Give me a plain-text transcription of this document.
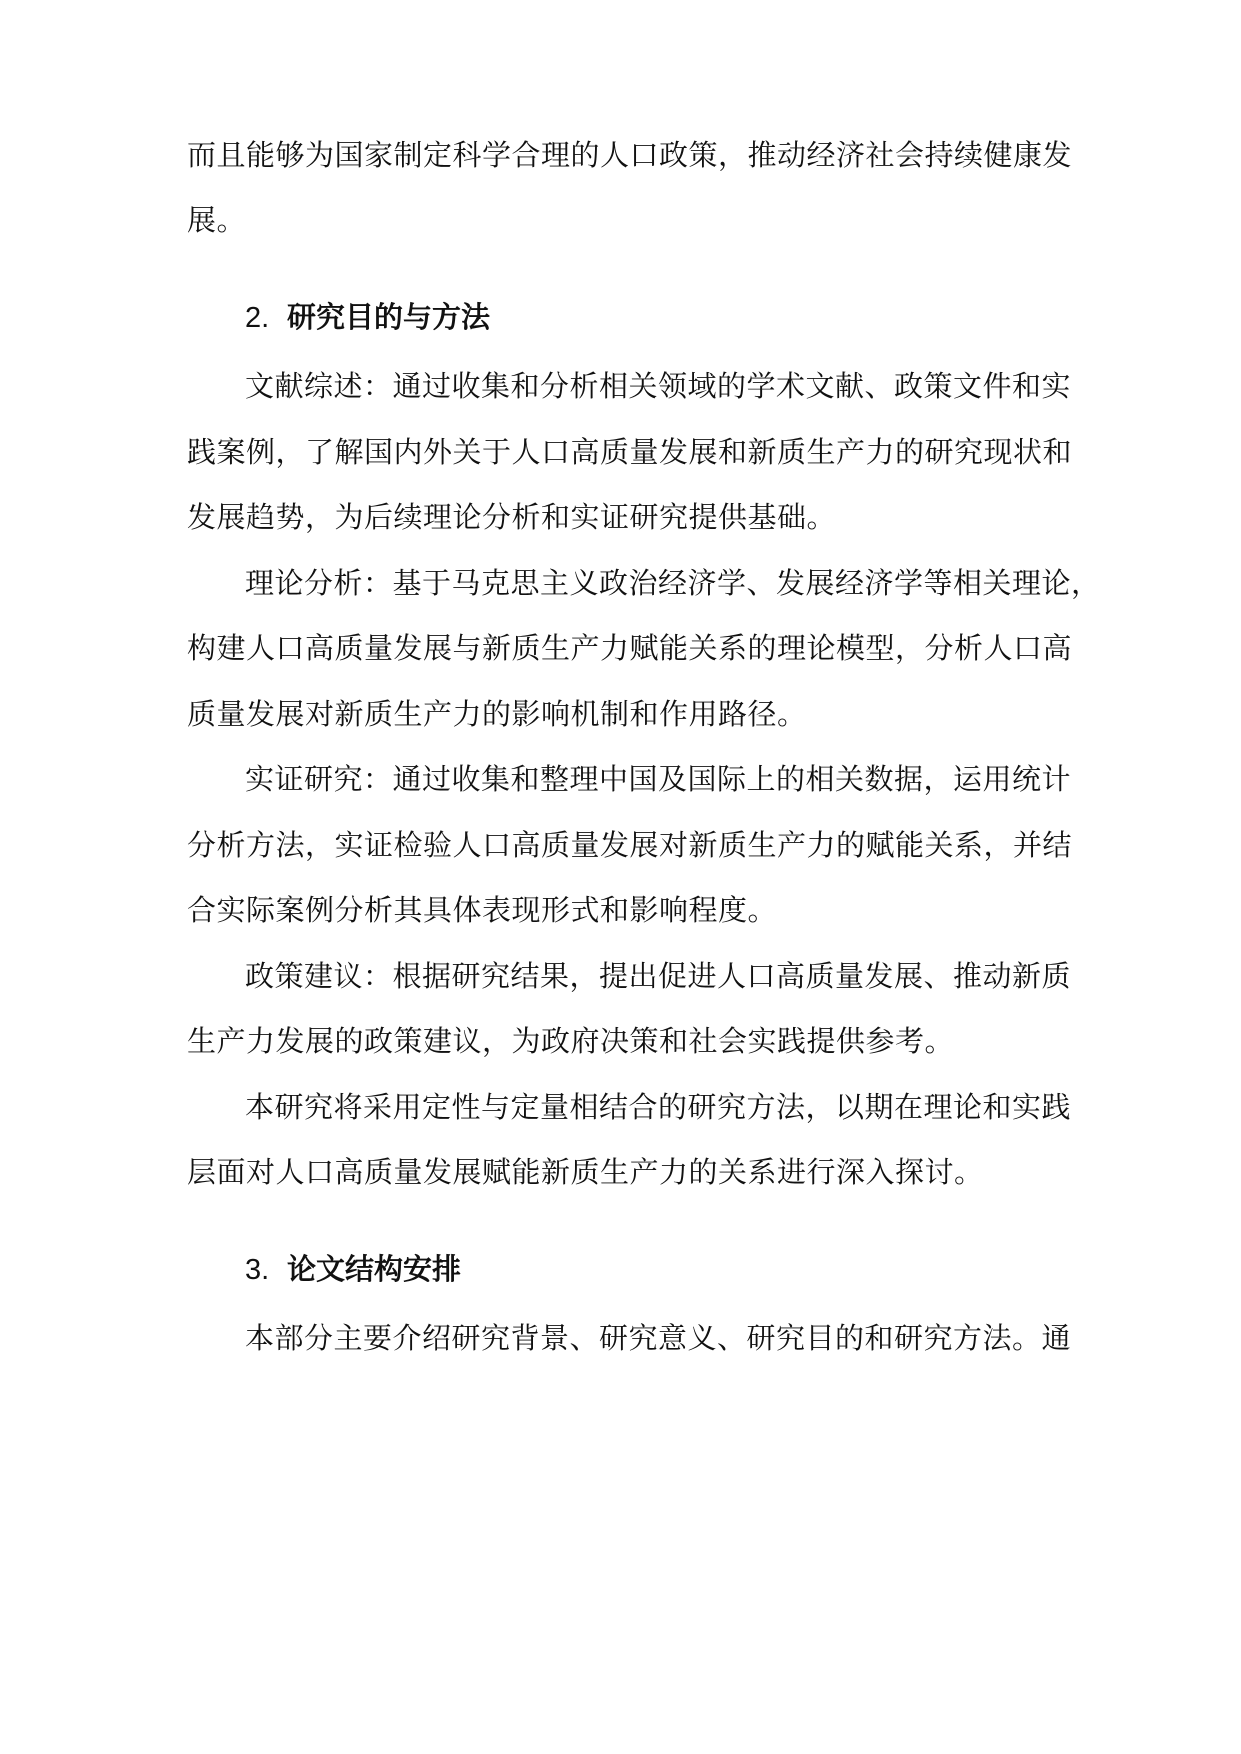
而且能够为国家制定科学合理的人口政策，推动经济社会持续健康发
展。
2. 研究目的与方法
文献综述：通过收集和分析相关领域的学术文献、政策文件和实
践案例，了解国内外关于人口高质量发展和新质生产力的研究现状和
发展趋势，为后续理论分析和实证研究提供基础。
理论分析：基于马克思主义政治经济学、发展经济学等相关理论，
构建人口高质量发展与新质生产力赋能关系的理论模型，分析人口高
质量发展对新质生产力的影响机制和作用路径。
实证研究：通过收集和整理中国及国际上的相关数据，运用统计
分析方法，实证检验人口高质量发展对新质生产力的赋能关系，并结
合实际案例分析其具体表现形式和影响程度。
政策建议：根据研究结果，提出促进人口高质量发展、推动新质
生产力发展的政策建议，为政府决策和社会实践提供参考。
本研究将采用定性与定量相结合的研究方法，以期在理论和实践
层面对人口高质量发展赋能新质生产力的关系进行深入探讨。
3. 论文结构安排
本部分主要介绍研究背景、研究意义、研究目的和研究方法。通
